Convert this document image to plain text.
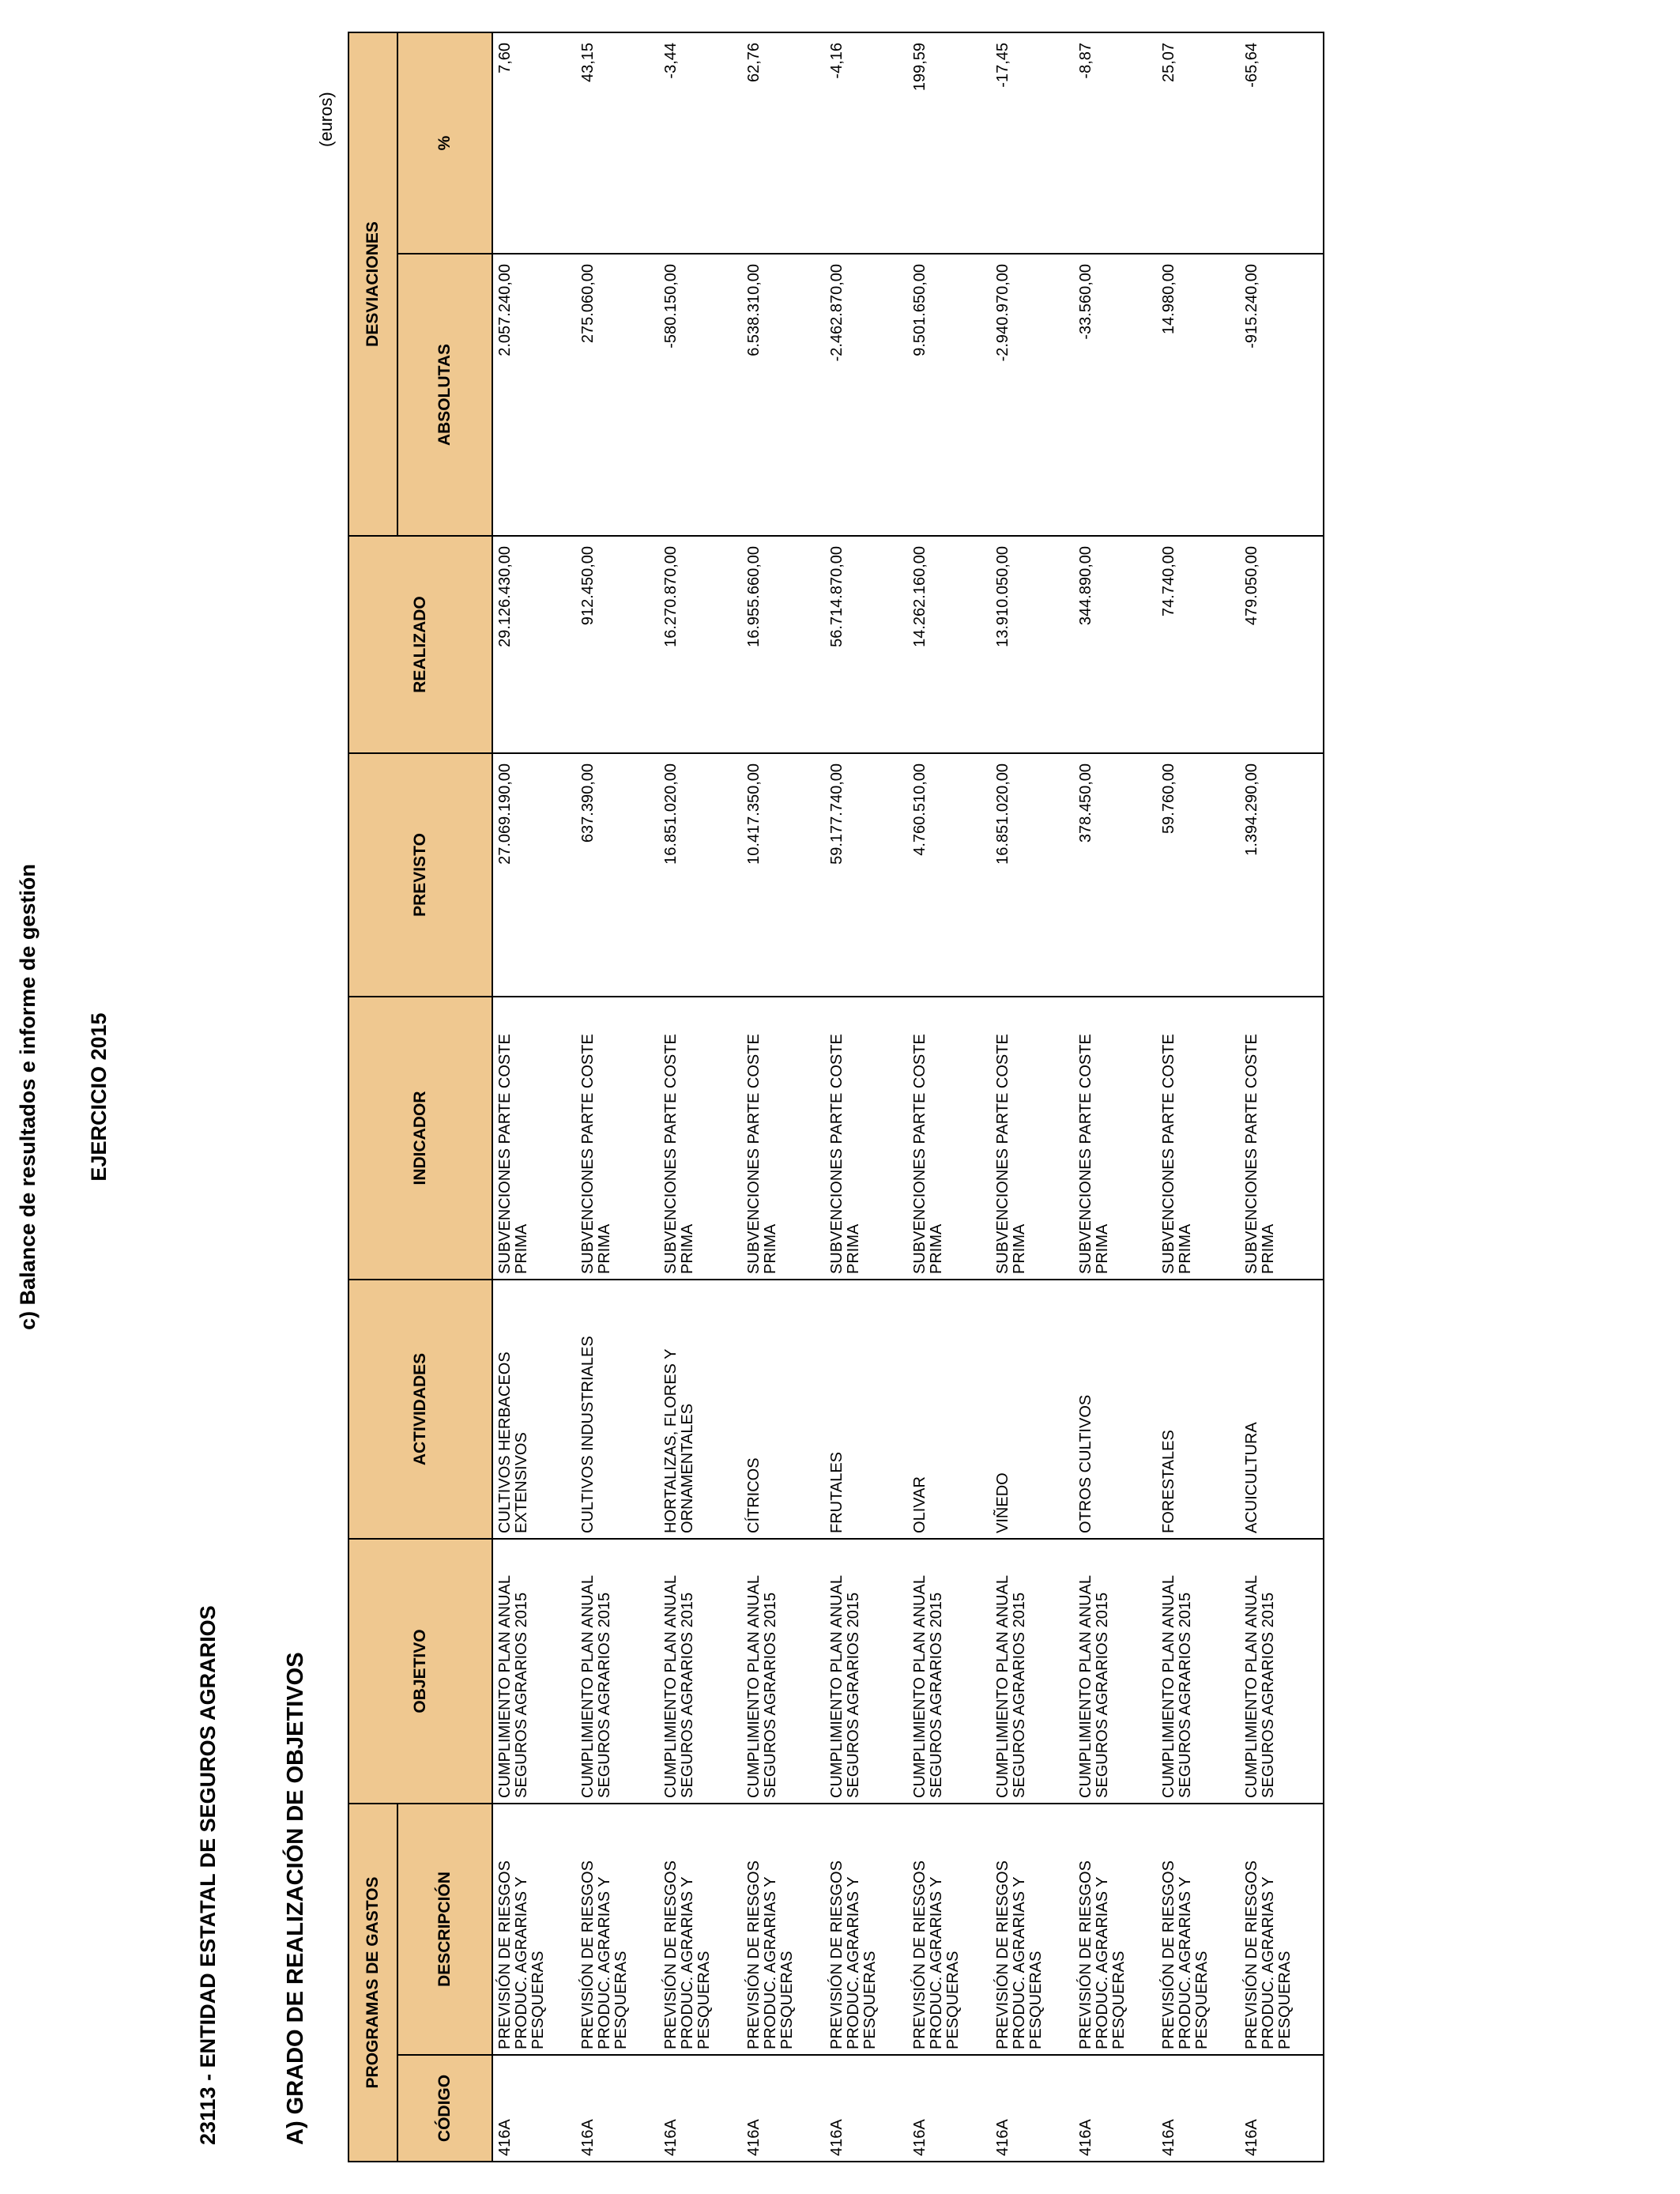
c) Balance de resultados e informe de gestión EJERCICIO 2015
23113 - ENTIDAD ESTATAL DE SEGUROS AGRARIOS	A) GRADO DE REALIZACIÓN DE OBJETIVOS
(euros)
PROGRAMAS DE GASTOS		OBJETIVO	ACTIVIDADES	INDICADOR	PREVISTO	REALIZADO	DESVIACIONES	
CÓDIGO	DESCRIPCIÓN						ABSOLUTAS	%
416A	PREVISIÓN DE RIESGOS PRODUC. AGRARIAS Y PESQUERAS	CUMPLIMIENTO PLAN ANUAL SEGUROS AGRARIOS 2015	CULTIVOS HERBACEOS EXTENSIVOS	SUBVENCIONES PARTE COSTE PRIMA	27.069.190,00	29.126.430,00	2.057.240,00	7,60
416A	PREVISIÓN DE RIESGOS PRODUC. AGRARIAS Y PESQUERAS	CUMPLIMIENTO PLAN ANUAL SEGUROS AGRARIOS 2015	CULTIVOS INDUSTRIALES	SUBVENCIONES PARTE COSTE PRIMA	637.390,00	912.450,00	275.060,00	43,15
416A	PREVISIÓN DE RIESGOS PRODUC. AGRARIAS Y PESQUERAS	CUMPLIMIENTO PLAN ANUAL SEGUROS AGRARIOS 2015	HORTALIZAS, FLORES Y ORNAMENTALES	SUBVENCIONES PARTE COSTE PRIMA	16.851.020,00	16.270.870,00	-580.150,00	-3,44
416A	PREVISIÓN DE RIESGOS PRODUC. AGRARIAS Y PESQUERAS	CUMPLIMIENTO PLAN ANUAL SEGUROS AGRARIOS 2015	CÍTRICOS	SUBVENCIONES PARTE COSTE PRIMA	10.417.350,00	16.955.660,00	6.538.310,00	62,76
416A	PREVISIÓN DE RIESGOS PRODUC. AGRARIAS Y PESQUERAS	CUMPLIMIENTO PLAN ANUAL SEGUROS AGRARIOS 2015	FRUTALES	SUBVENCIONES PARTE COSTE PRIMA	59.177.740,00	56.714.870,00	-2.462.870,00	-4,16
416A	PREVISIÓN DE RIESGOS PRODUC. AGRARIAS Y PESQUERAS	CUMPLIMIENTO PLAN ANUAL SEGUROS AGRARIOS 2015	OLIVAR	SUBVENCIONES PARTE COSTE PRIMA	4.760.510,00	14.262.160,00	9.501.650,00	199,59
416A	PREVISIÓN DE RIESGOS PRODUC. AGRARIAS Y PESQUERAS	CUMPLIMIENTO PLAN ANUAL SEGUROS AGRARIOS 2015	VIÑEDO	SUBVENCIONES PARTE COSTE PRIMA	16.851.020,00	13.910.050,00	-2.940.970,00	-17,45
416A	PREVISIÓN DE RIESGOS PRODUC. AGRARIAS Y PESQUERAS	CUMPLIMIENTO PLAN ANUAL SEGUROS AGRARIOS 2015	OTROS CULTIVOS	SUBVENCIONES PARTE COSTE PRIMA	378.450,00	344.890,00	-33.560,00	-8,87
416A	PREVISIÓN DE RIESGOS PRODUC. AGRARIAS Y PESQUERAS	CUMPLIMIENTO PLAN ANUAL SEGUROS AGRARIOS 2015	FORESTALES	SUBVENCIONES PARTE COSTE PRIMA	59.760,00	74.740,00	14.980,00	25,07
416A	PREVISIÓN DE RIESGOS PRODUC. AGRARIAS Y PESQUERAS	CUMPLIMIENTO PLAN ANUAL SEGUROS AGRARIOS 2015	ACUICULTURA	SUBVENCIONES PARTE COSTE PRIMA	1.394.290,00	479.050,00	-915.240,00	-65,64
